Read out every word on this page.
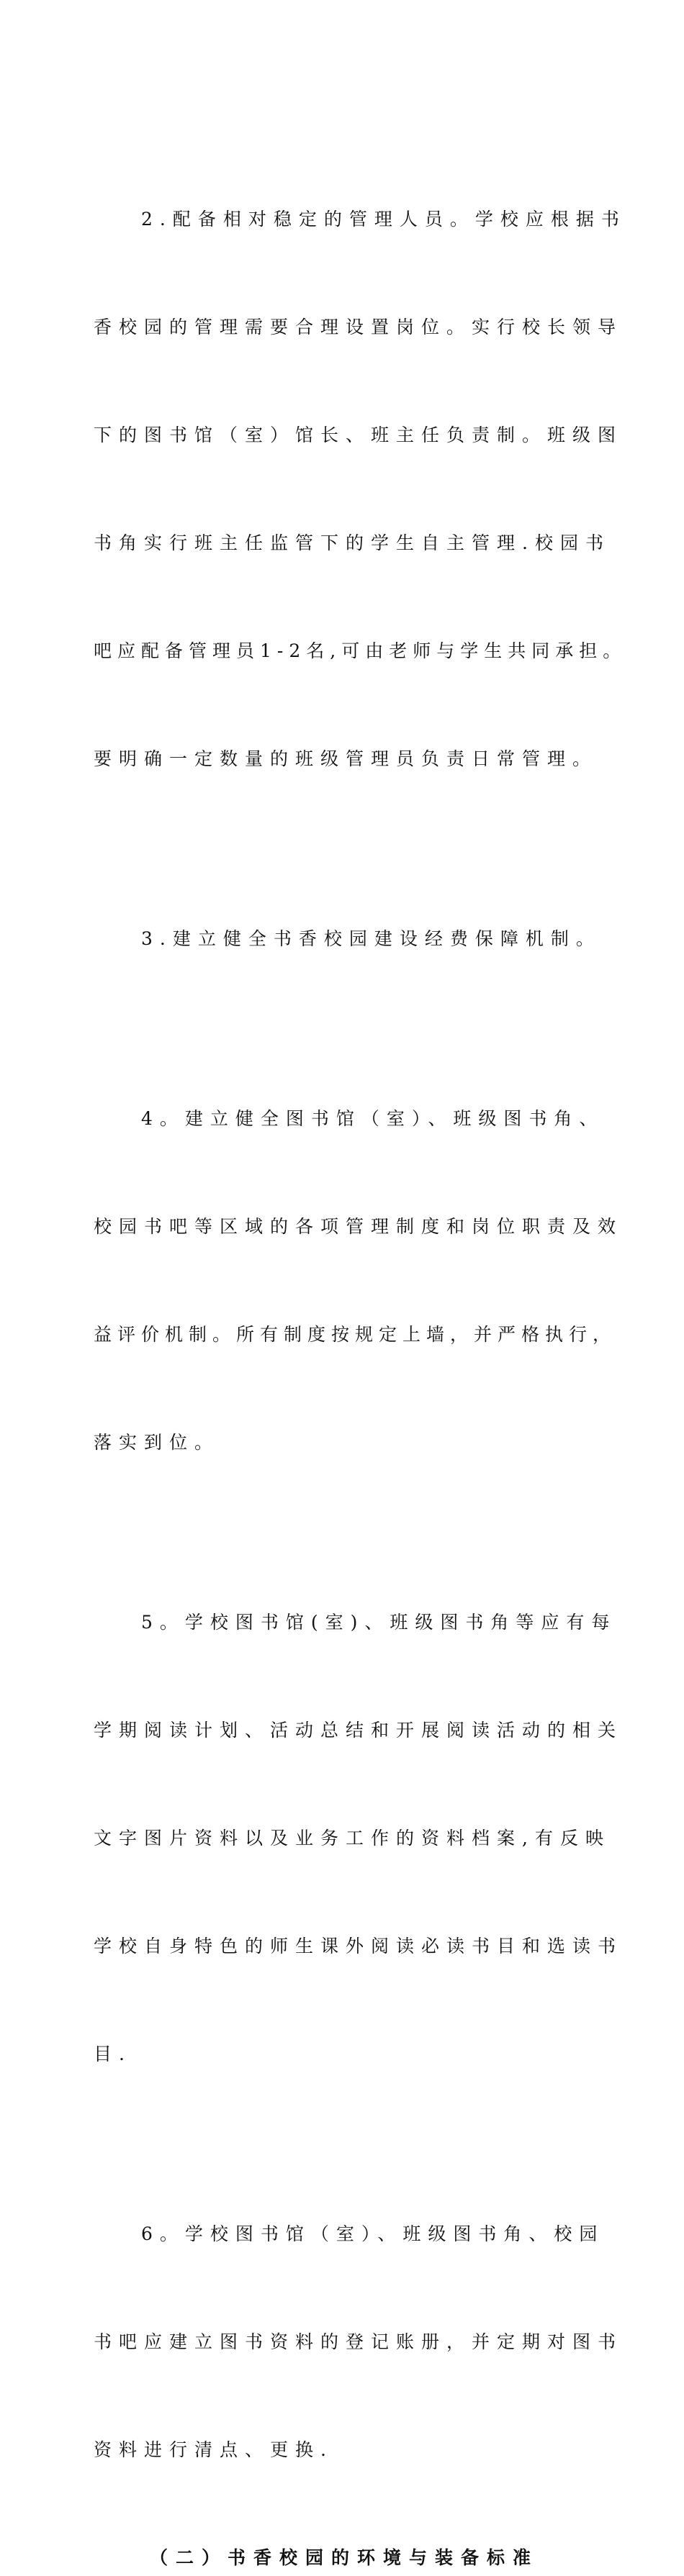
2.配备相对稳定的管理人员。学校应根据书

香校园的管理需要合理设置岗位。实行校长领导

下的图书馆（室）馆长、班主任负责制。班级图

书角实行班主任监管下的学生自主管理.校园书

吧应配备管理员1-2名,可由老师与学生共同承担。

要明确一定数量的班级管理员负责日常管理。

3.建立健全书香校园建设经费保障机制。

4。建立健全图书馆（室）、班级图书角、

校园书吧等区域的各项管理制度和岗位职责及效

益评价机制。所有制度按规定上墙，并严格执行，

落实到位。

5。学校图书馆(室)、班级图书角等应有每

学期阅读计划、活动总结和开展阅读活动的相关

文字图片资料以及业务工作的资料档案,有反映

学校自身特色的师生课外阅读必读书目和选读书

目.

6。学校图书馆（室）、班级图书角、校园

书吧应建立图书资料的登记账册，并定期对图书

资料进行清点、更换.

（二）书香校园的环境与装备标准
